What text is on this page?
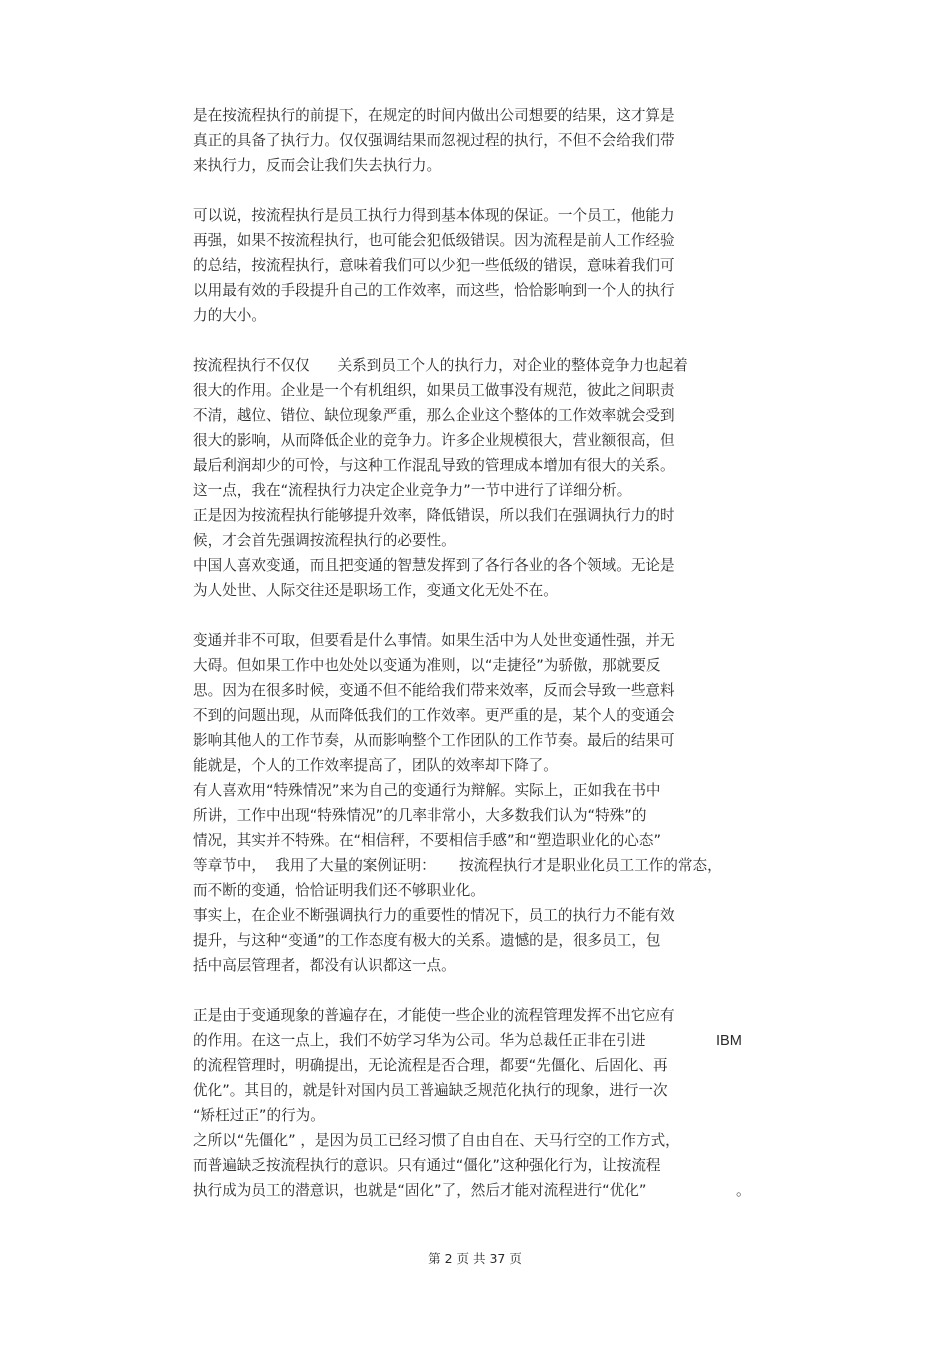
是在按流程执行的前提下，在规定的时间内做出公司想要的结果，这才算是
真正的具备了执行力。仅仅强调结果而忽视过程的执行，不但不会给我们带
来执行力，反而会让我们失去执行力。
可以说，按流程执行是员工执行力得到基本体现的保证。一个员工，他能力
再强，如果不按流程执行，也可能会犯低级错误。因为流程是前人工作经验
的总结，按流程执行，意味着我们可以少犯一些低级的错误，意味着我们可
以用最有效的手段提升自己的工作效率，而这些，恰恰影响到一个人的执行
力的大小。
按流程执行不仅仅      关系到员工个人的执行力，对企业的整体竞争力也起着
很大的作用。企业是一个有机组织，如果员工做事没有规范，彼此之间职责
不清，越位、错位、缺位现象严重，那么企业这个整体的工作效率就会受到
很大的影响，从而降低企业的竞争力。许多企业规模很大，营业额很高，但
最后利润却少的可怜，与这种工作混乱导致的管理成本增加有很大的关系。
这一点，我在“流程执行力决定企业竞争力”一节中进行了详细分析。
正是因为按流程执行能够提升效率，降低错误，所以我们在强调执行力的时
候，才会首先强调按流程执行的必要性。
中国人喜欢变通，而且把变通的智慧发挥到了各行各业的各个领域。无论是
为人处世、人际交往还是职场工作，变通文化无处不在。
变通并非不可取，但要看是什么事情。如果生活中为人处世变通性强，并无
大碍。但如果工作中也处处以变通为准则，以“走捷径”为骄傲，那就要反
思。因为在很多时候，变通不但不能给我们带来效率，反而会导致一些意料
不到的问题出现，从而降低我们的工作效率。更严重的是，某个人的变通会
影响其他人的工作节奏，从而影响整个工作团队的工作节奏。最后的结果可
能就是，个人的工作效率提高了，团队的效率却下降了。
有人喜欢用“特殊情况”来为自己的变通行为辩解。实际上，正如我在书中
所讲，工作中出现“特殊情况”的几率非常小，大多数我们认为“特殊”的
情况，其实并不特殊。在“相信秤，不要相信手感”和“塑造职业化的心态”
等章节中，  我用了大量的案例证明：     按流程执行才是职业化员工工作的常态，
而不断的变通，恰恰证明我们还不够职业化。
事实上，在企业不断强调执行力的重要性的情况下，员工的执行力不能有效
提升，与这种“变通”的工作态度有极大的关系。遗憾的是，很多员工，包
括中高层管理者，都没有认识都这一点。
正是由于变通现象的普遍存在，才能使一些企业的流程管理发挥不出它应有
的作用。在这一点上，我们不妨学习华为公司。华为总裁任正非在引进
的流程管理时，明确提出，无论流程是否合理，都要“先僵化、后固化、再
优化”。其目的，就是针对国内员工普遍缺乏规范化执行的现象，进行一次
“矫枉过正”的行为。
之所以“先僵化” ，是因为员工已经习惯了自由自在、天马行空的工作方式，
而普遍缺乏按流程执行的意识。只有通过“僵化”这种强化行为，让按流程
执行成为员工的潜意识，也就是“固化”了，然后才能对流程进行“优化”
IBM
。
第 2 页 共 37 页
